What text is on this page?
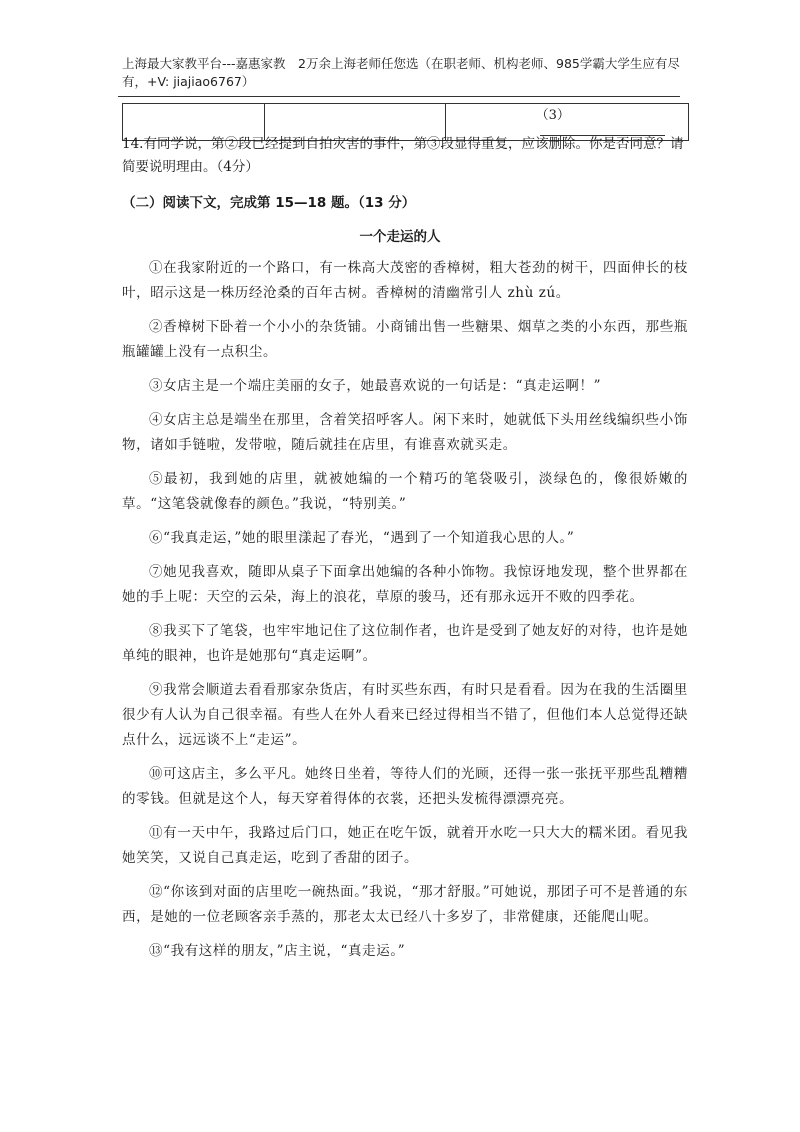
上海最大家教平台---嘉惠家教　2万余上海老师任您选（在职老师、机构老师、985学霸大学生应有尽有，+V: jiajiao6767）
		（3）
14.有同学说，第②段已经提到自拍灾害的事件，第③段显得重复，应该删除。你是否同意？请简要说明理由。（4分）
（二）阅读下文，完成第 15—18 题。（13 分）
一个走运的人

①在我家附近的一个路口，有一株高大茂密的香樟树，粗大苍劲的树干，四面伸长的枝叶，昭示这是一株历经沧桑的百年古树。香樟树的清幽常引人 zhù zú。

②香樟树下卧着一个小小的杂货铺。小商铺出售一些糖果、烟草之类的小东西，那些瓶瓶罐罐上没有一点积尘。

③女店主是一个端庄美丽的女子，她最喜欢说的一句话是：“真走运啊！”

④女店主总是端坐在那里，含着笑招呼客人。闲下来时，她就低下头用丝线编织些小饰物，诸如手链啦，发带啦，随后就挂在店里，有谁喜欢就买走。

⑤最初，我到她的店里，就被她编的一个精巧的笔袋吸引，淡绿色的，像很娇嫩的草。“这笔袋就像春的颜色。”我说，“特别美。”

⑥“我真走运，”她的眼里漾起了春光，“遇到了一个知道我心思的人。”

⑦她见我喜欢，随即从桌子下面拿出她编的各种小饰物。我惊讶地发现，整个世界都在她的手上呢：天空的云朵，海上的浪花，草原的骏马，还有那永远开不败的四季花。

⑧我买下了笔袋，也牢牢地记住了这位制作者，也许是受到了她友好的对待，也许是她单纯的眼神，也许是她那句“真走运啊”。

⑨我常会顺道去看看那家杂货店，有时买些东西，有时只是看看。因为在我的生活圈里很少有人认为自己很幸福。有些人在外人看来已经过得相当不错了，但他们本人总觉得还缺点什么，远远谈不上“走运”。

⑩可这店主，多么平凡。她终日坐着，等待人们的光顾，还得一张一张抚平那些乱糟糟的零钱。但就是这个人，每天穿着得体的衣裳，还把头发梳得漂漂亮亮。

⑪有一天中午，我路过后门口，她正在吃午饭，就着开水吃一只大大的糯米团。看见我她笑笑，又说自己真走运，吃到了香甜的团子。

⑫“你该到对面的店里吃一碗热面。”我说，“那才舒服。”可她说，那团子可不是普通的东西，是她的一位老顾客亲手蒸的，那老太太已经八十多岁了，非常健康，还能爬山呢。

⑬“我有这样的朋友，”店主说，“真走运。”
